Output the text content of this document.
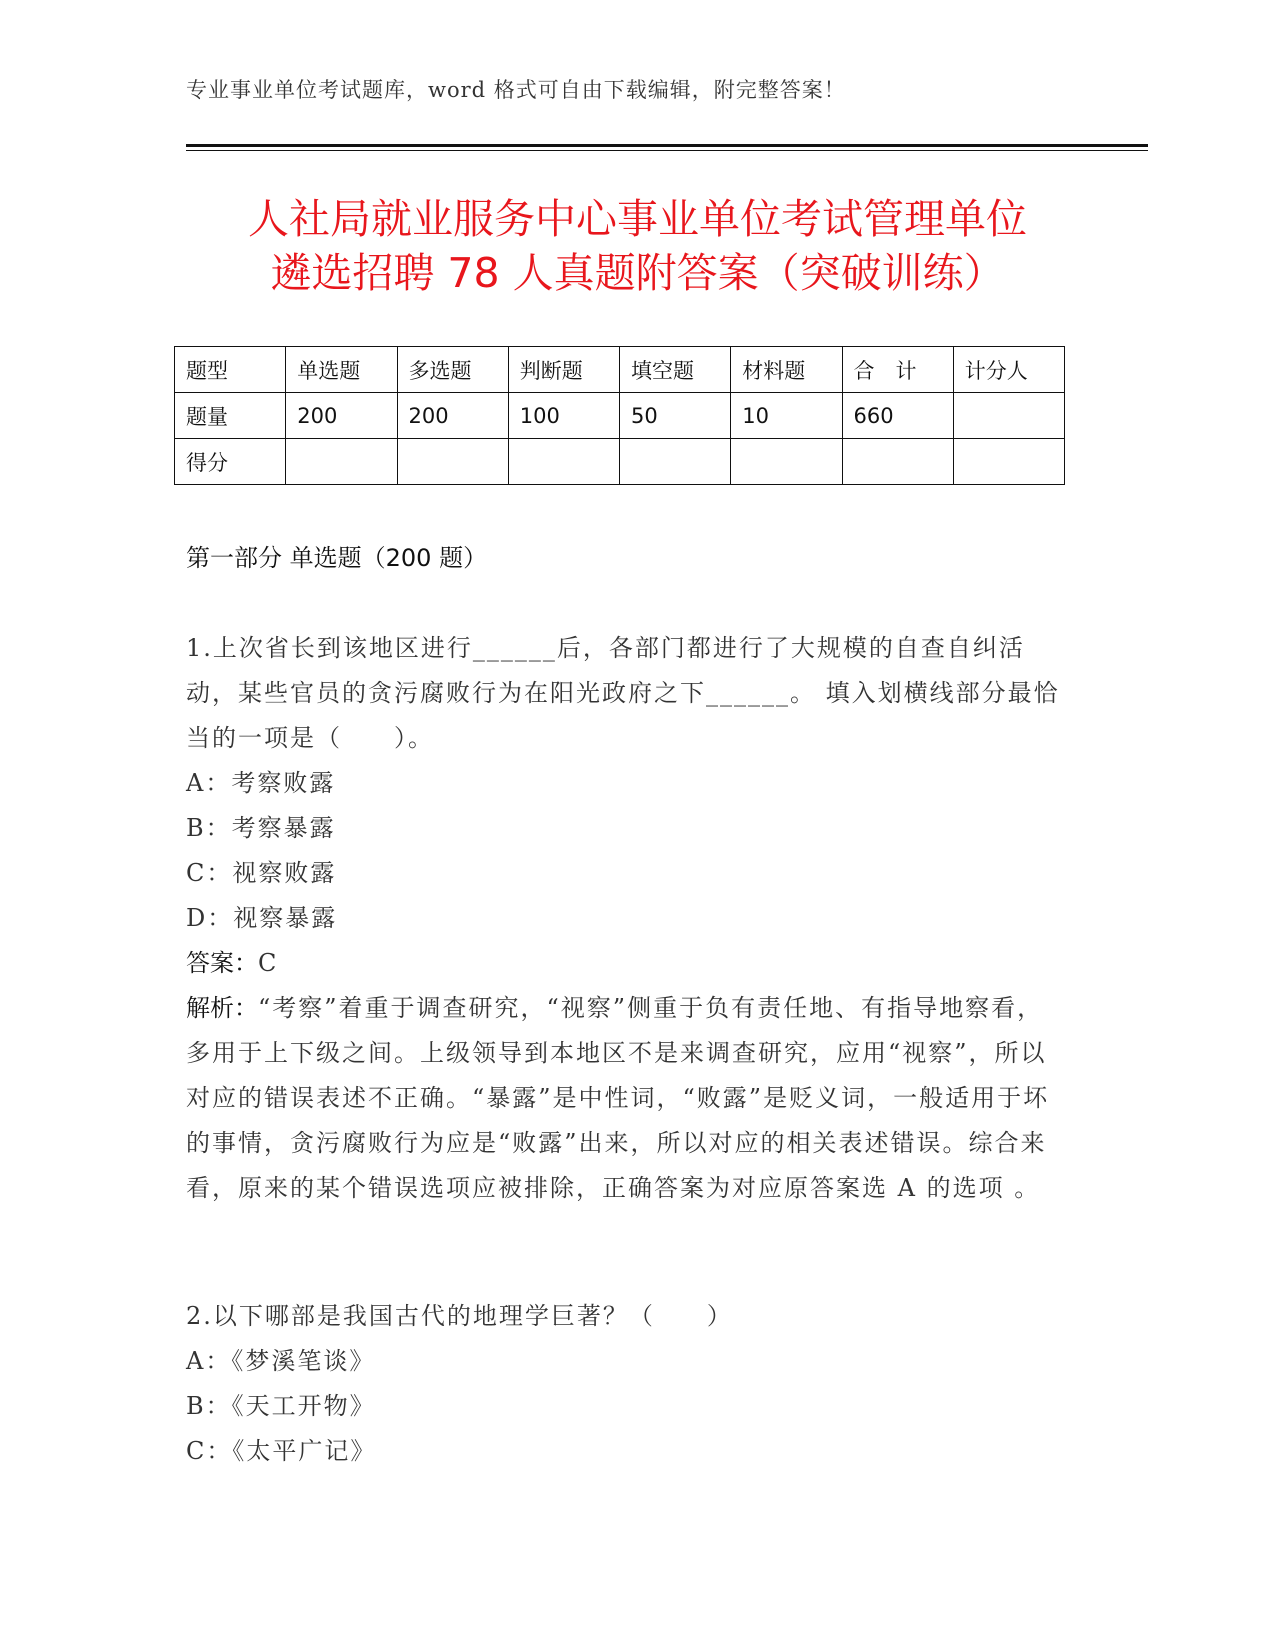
专业事业单位考试题库，word 格式可自由下载编辑，附完整答案！
人社局就业服务中心事业单位考试管理单位
遴选招聘 78 人真题附答案（突破训练）
题型	单选题	多选题	判断题	填空题	材料题	合　计	计分人
题量	200	200	100	50	10	660	
得分							
第一部分 单选题（200 题）

1.上次省长到该地区进行______后，各部门都进行了大规模的自查自纠活动，某些官员的贪污腐败行为在阳光政府之下______。 填入划横线部分最恰当的一项是（　　）。

A：考察败露

B：考察暴露

C：视察败露

D：视察暴露

答案：C

解析：“考察”着重于调查研究，“视察”侧重于负有责任地、有指导地察看，多用于上下级之间。上级领导到本地区不是来调查研究，应用“视察”，所以对应的错误表述不正确。“暴露”是中性词，“败露”是贬义词，一般适用于坏的事情，贪污腐败行为应是“败露”出来，所以对应的相关表述错误。综合来看，原来的某个错误选项应被排除，正确答案为对应原答案选 A 的选项 。

2.以下哪部是我国古代的地理学巨著？（　　）

A：《梦溪笔谈》

B：《天工开物》

C：《太平广记》
